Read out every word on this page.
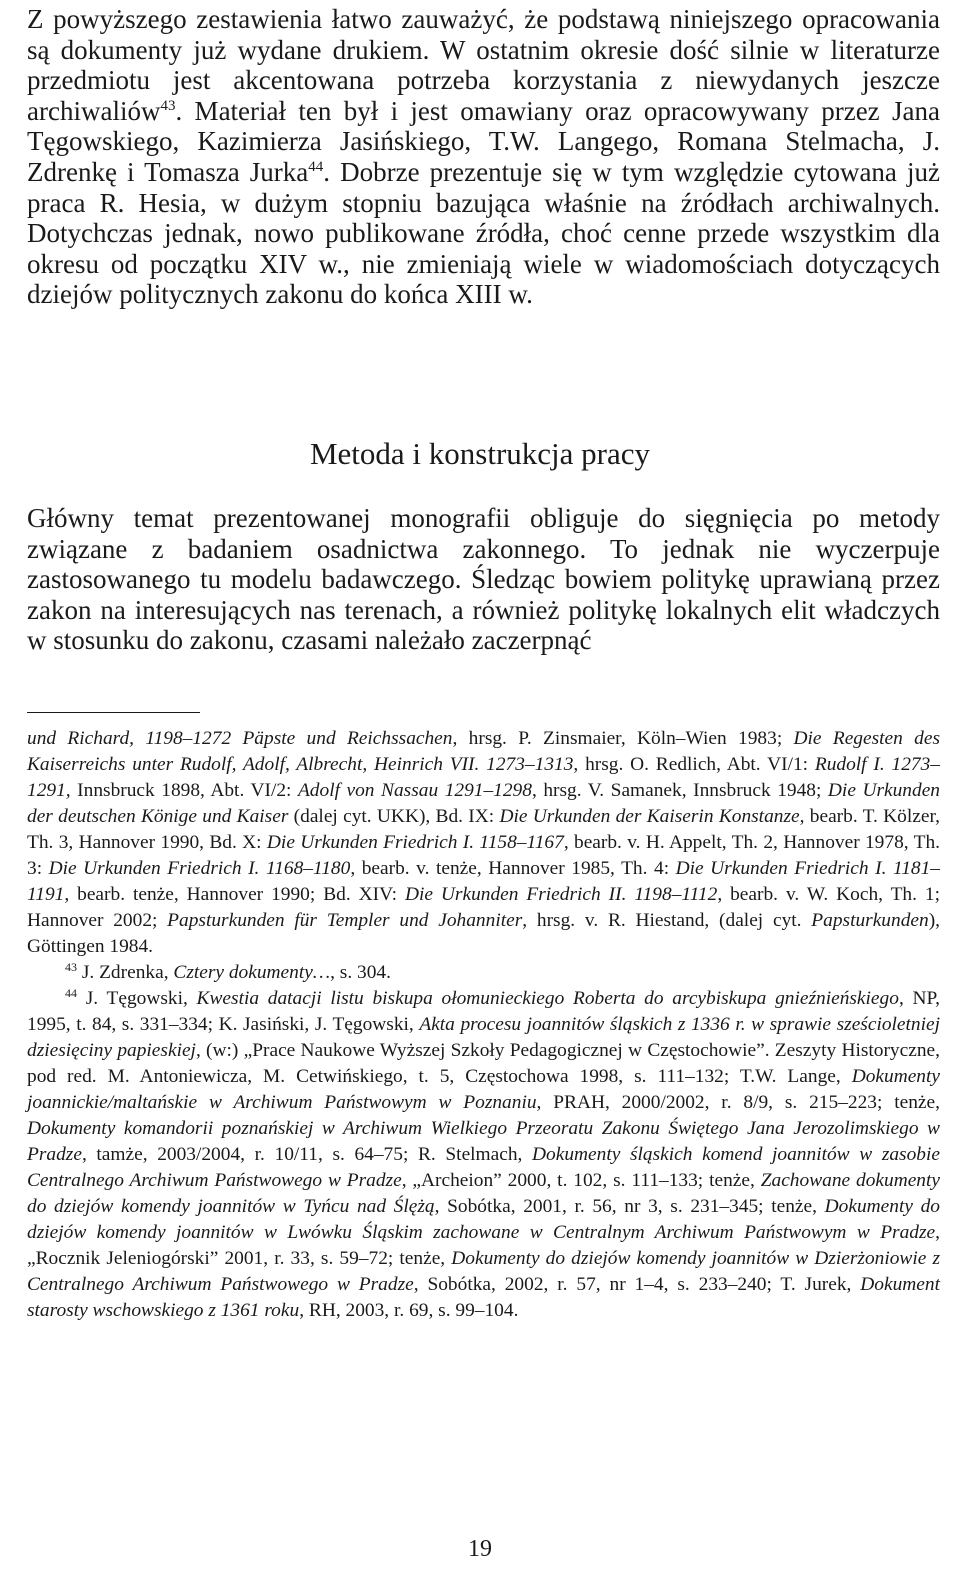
Z powyższego zestawienia łatwo zauważyć, że podstawą niniejszego opracowania są dokumenty już wydane drukiem. W ostatnim okresie dość silnie w literaturze przedmiotu jest akcentowana potrzeba korzystania z niewydanych jeszcze archiwaliów$^{43}$. Materiał ten był i jest omawiany oraz opracowywany przez Jana Tęgowskiego, Kazimierza Jasińskiego, T.W. Langego, Romana Stelmacha, J. Zdrenkę i Tomasza Jurka$^{44}$. Dobrze prezentuje się w tym względzie cytowana już praca R. Hesia, w dużym stopniu bazująca właśnie na źródłach archiwalnych. Dotychczas jednak, nowo publikowane źródła, choć cenne przede wszystkim dla okresu od początku XIV w., nie zmieniają wiele w wiadomościach dotyczących dziejów politycznych zakonu do końca XIII w.

Metoda i konstrukcja pracy

Główny temat prezentowanej monografii obliguje do sięgnięcia po metody związane z badaniem osadnictwa zakonnego. To jednak nie wyczerpuje zastosowanego tu modelu badawczego. Śledząc bowiem politykę uprawianą przez zakon na interesujących nas terenach, a również politykę lokalnych elit władczych w stosunku do zakonu, czasami należało zaczerpnąć

und Richard, 1198–1272 Päpste und Reichssachen, hrsg. P. Zinsmaier, Köln–Wien 1983; Die Regesten des Kaiserreichs unter Rudolf, Adolf, Albrecht, Heinrich VII. 1273–1313, hrsg. O. Redlich, Abt. VI/1: Rudolf I. 1273–1291, Innsbruck 1898, Abt. VI/2: Adolf von Nassau 1291–1298, hrsg. V. Samanek, Innsbruck 1948; Die Urkunden der deutschen Könige und Kaiser (dalej cyt. UKK), Bd. IX: Die Urkunden der Kaiserin Konstanze, bearb. T. Kölzer, Th. 3, Hannover 1990, Bd. X: Die Urkunden Friedrich I. 1158–1167, bearb. v. H. Appelt, Th. 2, Hannover 1978, Th. 3: Die Urkunden Friedrich I. 1168–1180, bearb. v. tenże, Hannover 1985, Th. 4: Die Urkunden Friedrich I. 1181–1191, bearb. tenże, Hannover 1990; Bd. XIV: Die Urkunden Friedrich II. 1198–1112, bearb. v. W. Koch, Th. 1; Hannover 2002; Papsturkunden für Templer und Johanniter, hrsg. v. R. Hiestand, (dalej cyt. Papsturkunden), Göttingen 1984.

$^{43}$ J. Zdrenka, Cztery dokumenty…, s. 304.

$^{44}$ J. Tęgowski, Kwestia datacji listu biskupa ołomunieckiego Roberta do arcybiskupa gnieźnieńskiego, NP, 1995, t. 84, s. 331–334; K. Jasiński, J. Tęgowski, Akta procesu joannitów śląskich z 1336 r. w sprawie sześcioletniej dziesięciny papieskiej, (w:) „Prace Naukowe Wyższej Szkoły Pedagogicznej w Częstochowie”. Zeszyty Historyczne, pod red. M. Antoniewicza, M. Cetwińskiego, t. 5, Częstochowa 1998, s. 111–132; T.W. Lange, Dokumenty joannickie/maltańskie w Archiwum Państwowym w Poznaniu, PRAH, 2000/2002, r. 8/9, s. 215–223; tenże, Dokumenty komandorii poznańskiej w Archiwum Wielkiego Przeoratu Zakonu Świętego Jana Jerozolimskiego w Pradze, tamże, 2003/2004, r. 10/11, s. 64–75; R. Stelmach, Dokumenty śląskich komend joannitów w zasobie Centralnego Archiwum Państwowego w Pradze, „Archeion” 2000, t. 102, s. 111–133; tenże, Zachowane dokumenty do dziejów komendy joannitów w Tyńcu nad Ślężą, Sobótka, 2001, r. 56, nr 3, s. 231–345; tenże, Dokumenty do dziejów komendy joannitów w Lwówku Śląskim zachowane w Centralnym Archiwum Państwowym w Pradze, „Rocznik Jeleniogórski” 2001, r. 33, s. 59–72; tenże, Dokumenty do dziejów komendy joannitów w Dzierżoniowie z Centralnego Archiwum Państwowego w Pradze, Sobótka, 2002, r. 57, nr 1–4, s. 233–240; T. Jurek, Dokument starosty wschowskiego z 1361 roku, RH, 2003, r. 69, s. 99–104.

19
